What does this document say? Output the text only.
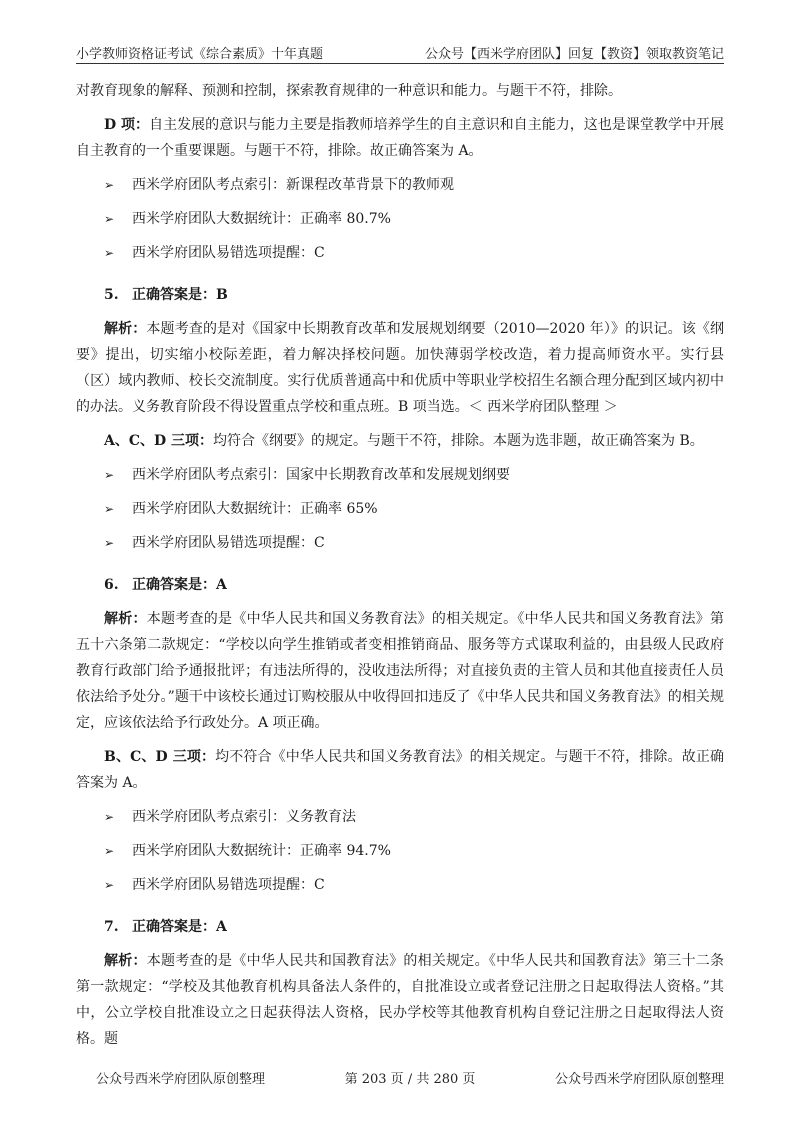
小学教师资格证考试《综合素质》十年真题	公众号【西米学府团队】回复【教资】领取教资笔记

对教育现象的解释、预测和控制，探索教育规律的一种意识和能力。与题干不符，排除。

D 项：自主发展的意识与能力主要是指教师培养学生的自主意识和自主能力，这也是课堂教学中开展自主教育的一个重要课题。与题干不符，排除。故正确答案为 A。

➢	西米学府团队考点索引：新课程改革背景下的教师观
➢	西米学府团队大数据统计：正确率 80.7%
➢	西米学府团队易错选项提醒：C
5. 正确答案是：B

解析：本题考查的是对《国家中长期教育改革和发展规划纲要（2010—2020 年）》的识记。该《纲要》提出，切实缩小校际差距，着力解决择校问题。加快薄弱学校改造，着力提高师资水平。实行县（区）域内教师、校长交流制度。实行优质普通高中和优质中等职业学校招生名额合理分配到区域内初中的办法。义务教育阶段不得设置重点学校和重点班。B 项当选。＜ 西米学府团队整理 ＞

A、C、D 三项：均符合《纲要》的规定。与题干不符，排除。本题为选非题，故正确答案为 B。

➢	西米学府团队考点索引：国家中长期教育改革和发展规划纲要
➢	西米学府团队大数据统计：正确率 65%
➢	西米学府团队易错选项提醒：C
6. 正确答案是：A

解析：本题考查的是《中华人民共和国义务教育法》的相关规定。《中华人民共和国义务教育法》第五十六条第二款规定：“学校以向学生推销或者变相推销商品、服务等方式谋取利益的，由县级人民政府教育行政部门给予通报批评；有违法所得的，没收违法所得；对直接负责的主管人员和其他直接责任人员依法给予处分。”题干中该校长通过订购校服从中收得回扣违反了《中华人民共和国义务教育法》的相关规定，应该依法给予行政处分。A 项正确。

B、C、D 三项：均不符合《中华人民共和国义务教育法》的相关规定。与题干不符，排除。故正确答案为 A。

➢	西米学府团队考点索引：义务教育法
➢	西米学府团队大数据统计：正确率 94.7%
➢	西米学府团队易错选项提醒：C
7. 正确答案是：A

解析：本题考查的是《中华人民共和国教育法》的相关规定。《中华人民共和国教育法》第三十二条第一款规定：“学校及其他教育机构具备法人条件的，自批准设立或者登记注册之日起取得法人资格。”其中，公立学校自批准设立之日起获得法人资格，民办学校等其他教育机构自登记注册之日起取得法人资格。题

公众号西米学府团队原创整理	第 203 页 / 共 280 页	公众号西米学府团队原创整理
